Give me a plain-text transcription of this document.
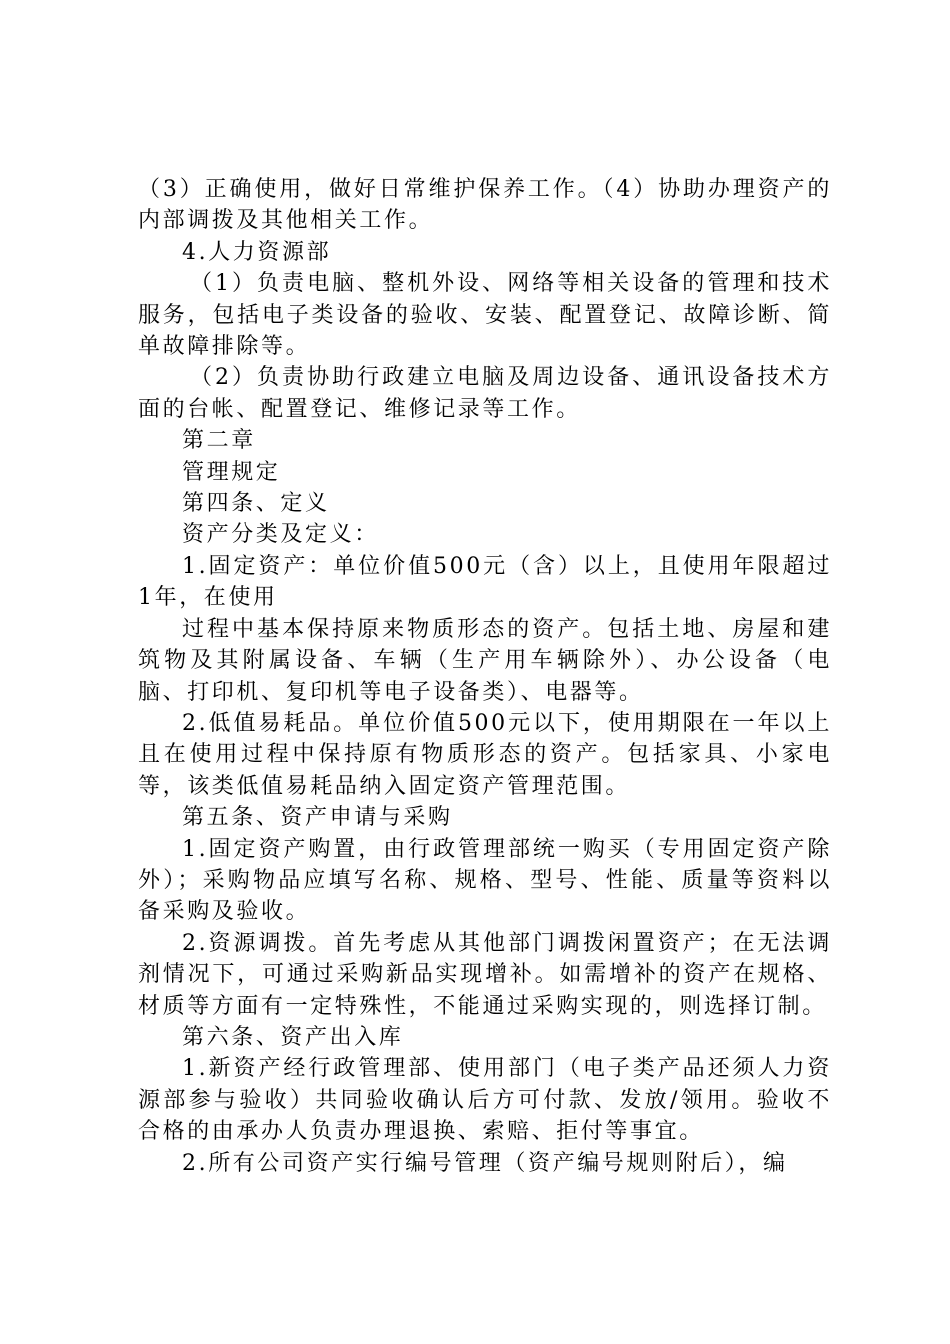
（3）正确使用，做好日常维护保养工作。（4）协助办理资产的内部调拨及其他相关工作。

4.人力资源部

（1）负责电脑、整机外设、网络等相关设备的管理和技术服务，包括电子类设备的验收、安装、配置登记、故障诊断、简单故障排除等。

（2）负责协助行政建立电脑及周边设备、通讯设备技术方面的台帐、配置登记、维修记录等工作。

第二章

管理规定

第四条、定义

资产分类及定义：

1.固定资产：单位价值500元（含）以上，且使用年限超过1年，在使用

过程中基本保持原来物质形态的资产。包括土地、房屋和建筑物及其附属设备、车辆（生产用车辆除外）、办公设备（电脑、打印机、复印机等电子设备类）、电器等。

2.低值易耗品。单位价值500元以下，使用期限在一年以上且在使用过程中保持原有物质形态的资产。包括家具、小家电等，该类低值易耗品纳入固定资产管理范围。

第五条、资产申请与采购

1.固定资产购置，由行政管理部统一购买（专用固定资产除外）；采购物品应填写名称、规格、型号、性能、质量等资料以备采购及验收。

2.资源调拨。首先考虑从其他部门调拨闲置资产；在无法调剂情况下，可通过采购新品实现增补。如需增补的资产在规格、材质等方面有一定特殊性，不能通过采购实现的，则选择订制。

第六条、资产出入库

1.新资产经行政管理部、使用部门（电子类产品还须人力资源部参与验收）共同验收确认后方可付款、发放/领用。验收不合格的由承办人负责办理退换、索赔、拒付等事宜。

2.所有公司资产实行编号管理（资产编号规则附后），编
